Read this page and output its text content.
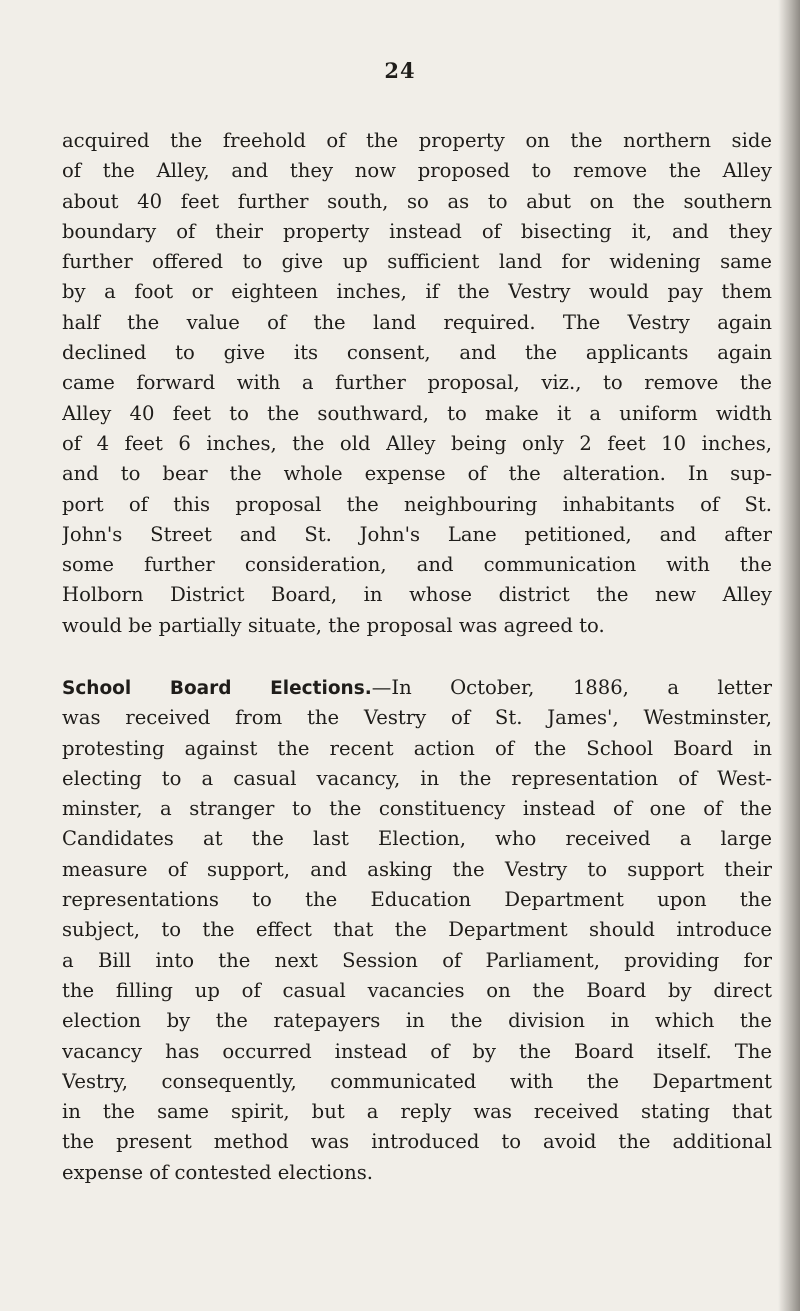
24
acquired the freehold of the property on the northern side
of the Alley, and they now proposed to remove the Alley
about 40 feet further south, so as to abut on the southern
boundary of their property instead of bisecting it, and they
further offered to give up sufficient land for widening same
by a foot or eighteen inches, if the Vestry would pay them
half the value of the land required. The Vestry again
declined to give its consent, and the applicants again
came forward with a further proposal, viz., to remove the
Alley 40 feet to the southward, to make it a uniform width
of 4 feet 6 inches, the old Alley being only 2 feet 10 inches,
and to bear the whole expense of the alteration. In sup-
port of this proposal the neighbouring inhabitants of St.
John's Street and St. John's Lane petitioned, and after
some further consideration, and communication with the
Holborn District Board, in whose district the new Alley
would be partially situate, the proposal was agreed to.
School Board Elections.—In October, 1886, a letter
was received from the Vestry of St. James', Westminster,
protesting against the recent action of the School Board in
electing to a casual vacancy, in the representation of West-
minster, a stranger to the constituency instead of one of the
Candidates at the last Election, who received a large
measure of support, and asking the Vestry to support their
representations to the Education Department upon the
subject, to the effect that the Department should introduce
a Bill into the next Session of Parliament, providing for
the filling up of casual vacancies on the Board by direct
election by the ratepayers in the division in which the
vacancy has occurred instead of by the Board itself. The
Vestry, consequently, communicated with the Department
in the same spirit, but a reply was received stating that
the present method was introduced to avoid the additional
expense of contested elections.
